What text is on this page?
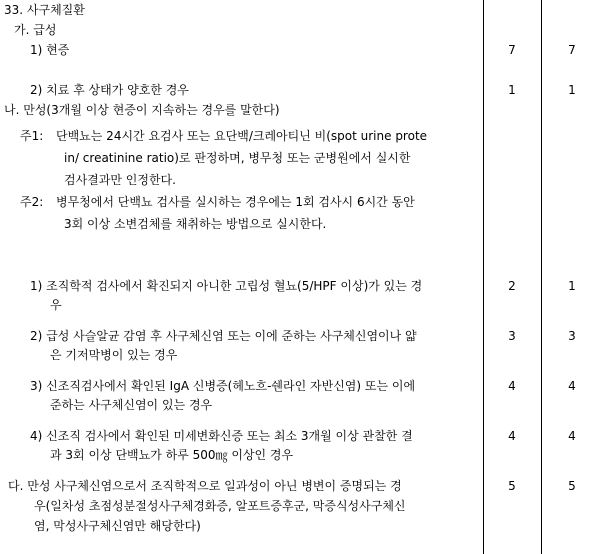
33. 사구체질환
가. 급성
1) 현증	7	7
2) 치료 후 상태가 양호한 경우	1	1
나. 만성(3개월 이상 현증이 지속하는 경우를 말한다)
주1: 단백뇨는 24시간 요검사 또는 요단백/크레아티닌 비(spot urine prote
in/ creatinine ratio)로 판정하며, 병무청 또는 군병원에서 실시한
검사결과만 인정한다.
주2: 병무청에서 단백뇨 검사를 실시하는 경우에는 1회 검사시 6시간 동안
3회 이상 소변검체를 채취하는 방법으로 실시한다.
1) 조직학적 검사에서 확진되지 아니한 고립성 혈뇨(5/HPF 이상)가 있는 경
우
2	1
2) 급성 사슬알균 감염 후 사구체신염 또는 이에 준하는 사구체신염이나 얇
은 기저막병이 있는 경우
3	3
3) 신조직검사에서 확인된 IgA 신병증(헤노흐-쉔라인 자반신염) 또는 이에
준하는 사구체신염이 있는 경우
4	4
4) 신조직 검사에서 확인된 미세변화신증 또는 최소 3개월 이상 관찰한 결
과 3회 이상 단백뇨가 하루 500㎎ 이상인 경우
4	4
다. 만성 사구체신염으로서 조직학적으로 일과성이 아닌 병변이 증명되는 경
우(일차성 초점성분절성사구체경화증, 알포트증후군, 막증식성사구체신
염, 막성사구체신염만 해당한다)
5	5
